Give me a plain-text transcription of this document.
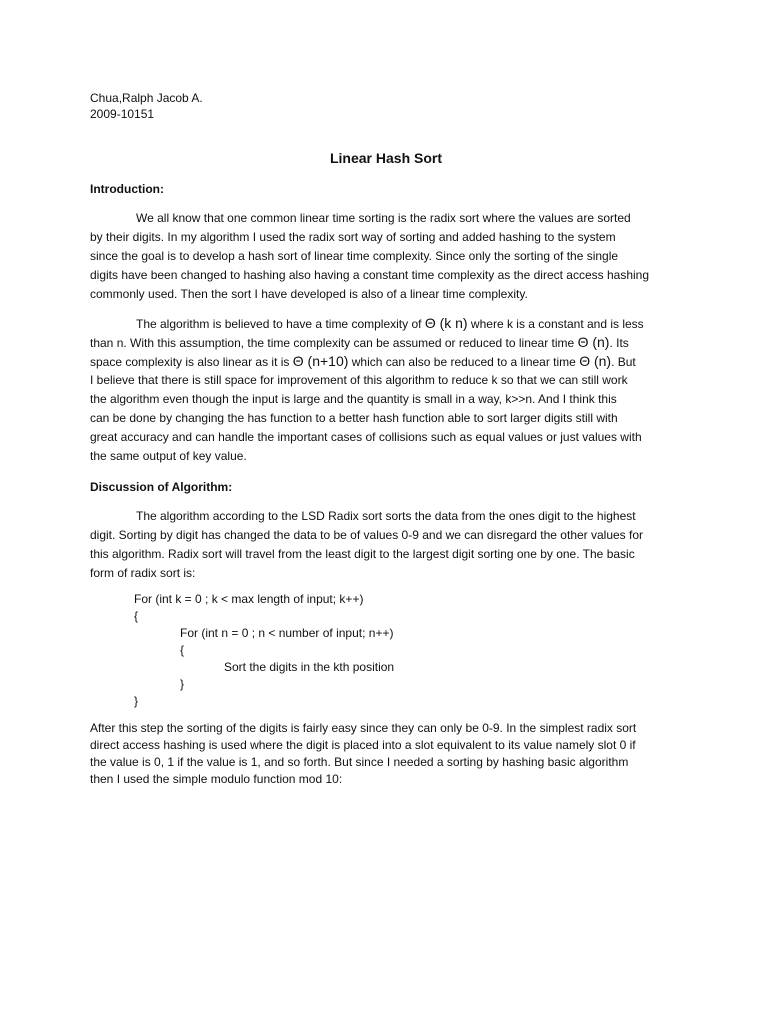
Chua,Ralph Jacob A.
2009-10151
Linear Hash Sort
Introduction:
We all know that one common linear time sorting is the radix sort where the values are sorted
by their digits. In my algorithm I used the radix sort way of sorting and added hashing to the system
since the goal is to develop a hash sort of linear time complexity. Since only the sorting of the single
digits have been changed to hashing also having a constant time complexity as the direct access hashing
commonly used. Then the sort I have developed is also of a linear time complexity.
The algorithm is believed to have a time complexity of Θ (k n) where k is a constant and is less
than n. With this assumption, the time complexity can be assumed or reduced to linear time Θ (n). Its
space complexity is also linear as it is Θ (n+10) which can also be reduced to a linear time Θ (n). But
I believe that there is still space for improvement of this algorithm to reduce k so that we can still work
the algorithm even though the input is large and the quantity is small in a way, k>>n. And I think this
can be done by changing the has function to a better hash function able to sort larger digits still with
great accuracy and can handle the important cases of collisions such as equal values or just values with
the same output of key value.
Discussion of Algorithm:
The algorithm according to the LSD Radix sort sorts the data from the ones digit to the highest
digit. Sorting by digit has changed the data to be of values 0-9 and we can disregard the other values for
this algorithm. Radix sort will travel from the least digit to the largest digit sorting one by one. The basic
form of radix sort is:
For (int k = 0 ; k < max length of input; k++)
{
For (int n = 0 ; n < number of input; n++)
{
Sort the digits in the kth position
}
}
After this step the sorting of the digits is fairly easy since they can only be 0-9. In the simplest radix sort
direct access hashing is used where the digit is placed into a slot equivalent to its value namely slot 0 if
the value is 0, 1 if the value is 1, and so forth. But since I needed a sorting by hashing basic algorithm
then I used the simple modulo function mod 10:
